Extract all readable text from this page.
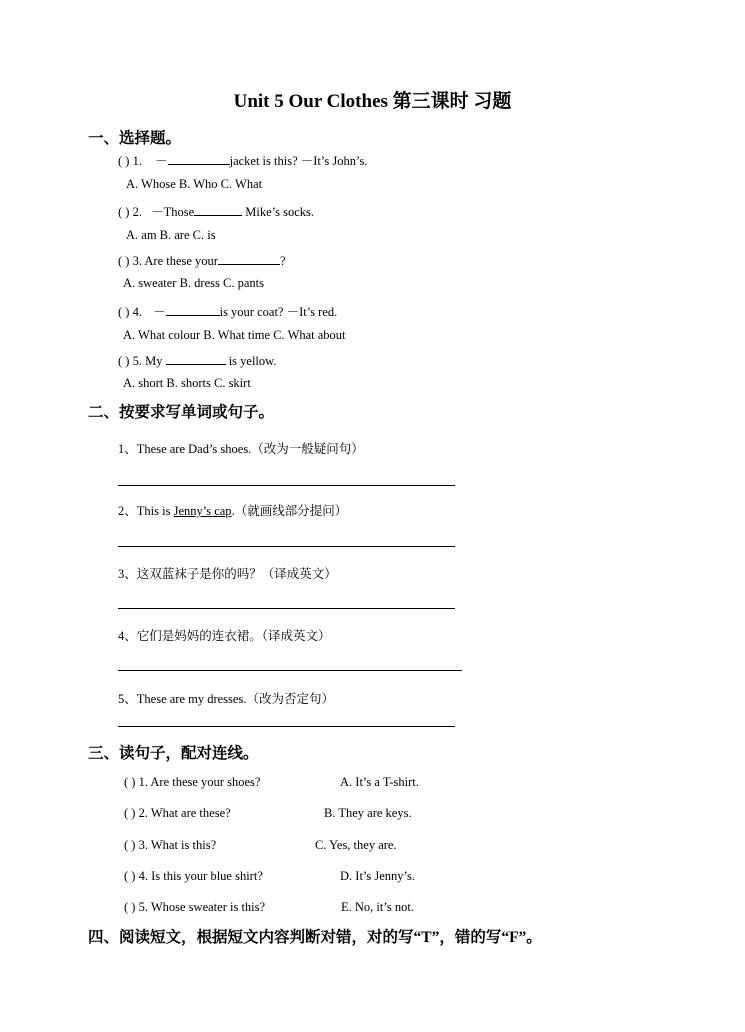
Unit 5 Our Clothes 第三课时 习题
一、选择题。
( ) 1. －	jacket is this? －It’s John’s.
A. Whose B. Who C. What
( ) 2. －Those	Mike’s socks.
A. am B. are C. is
( ) 3. Are these your	?
A. sweater B. dress C. pants
( ) 4. －	is your coat? －It’s red.
A. What colour B. What time C. What about
( ) 5. My	is yellow.
A. short B. shorts C. skirt
二、按要求写单词或句子。
1、These are Dad’s shoes.（改为一般疑问句）
2、This is Jenny’s cap.（就画线部分提问）
3、这双蓝袜子是你的吗？（译成英文）
4、它们是妈妈的连衣裙。（译成英文）
5、These are my dresses.（改为否定句）
三、读句子，配对连线。
( ) 1. Are these your shoes?	A. It’s a T-shirt.
( ) 2. What are these?	B. They are keys.
( ) 3. What is this?	C. Yes, they are.
( ) 4. Is this your blue shirt?	D. It’s Jenny’s.
( ) 5. Whose sweater is this?	E. No, it’s not.
四、阅读短文，根据短文内容判断对错，对的写“T”，错的写“F”。
